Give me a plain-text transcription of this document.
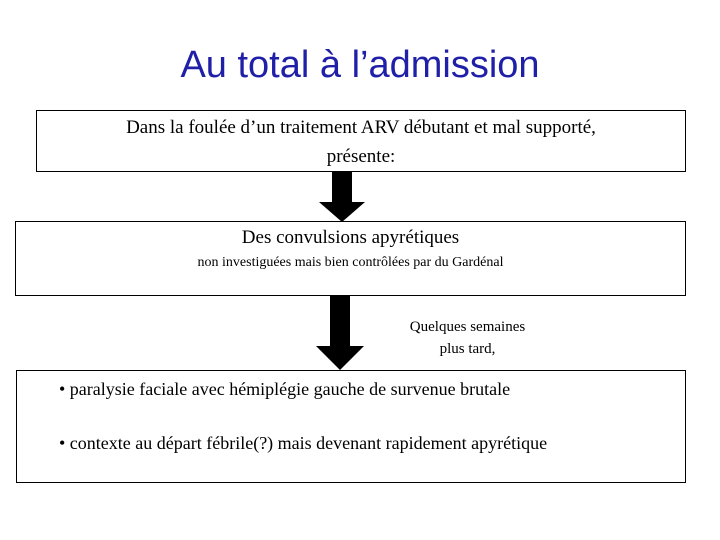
Au total à l’admission
Dans la foulée d’un traitement ARV débutant et mal supporté,
présente:
Des convulsions apyrétiques
non investiguées mais bien contrôlées par du Gardénal
Quelques semaines
plus tard,
• paralysie faciale avec hémiplégie gauche de survenue brutale
• contexte au départ fébrile(?) mais devenant rapidement apyrétique
